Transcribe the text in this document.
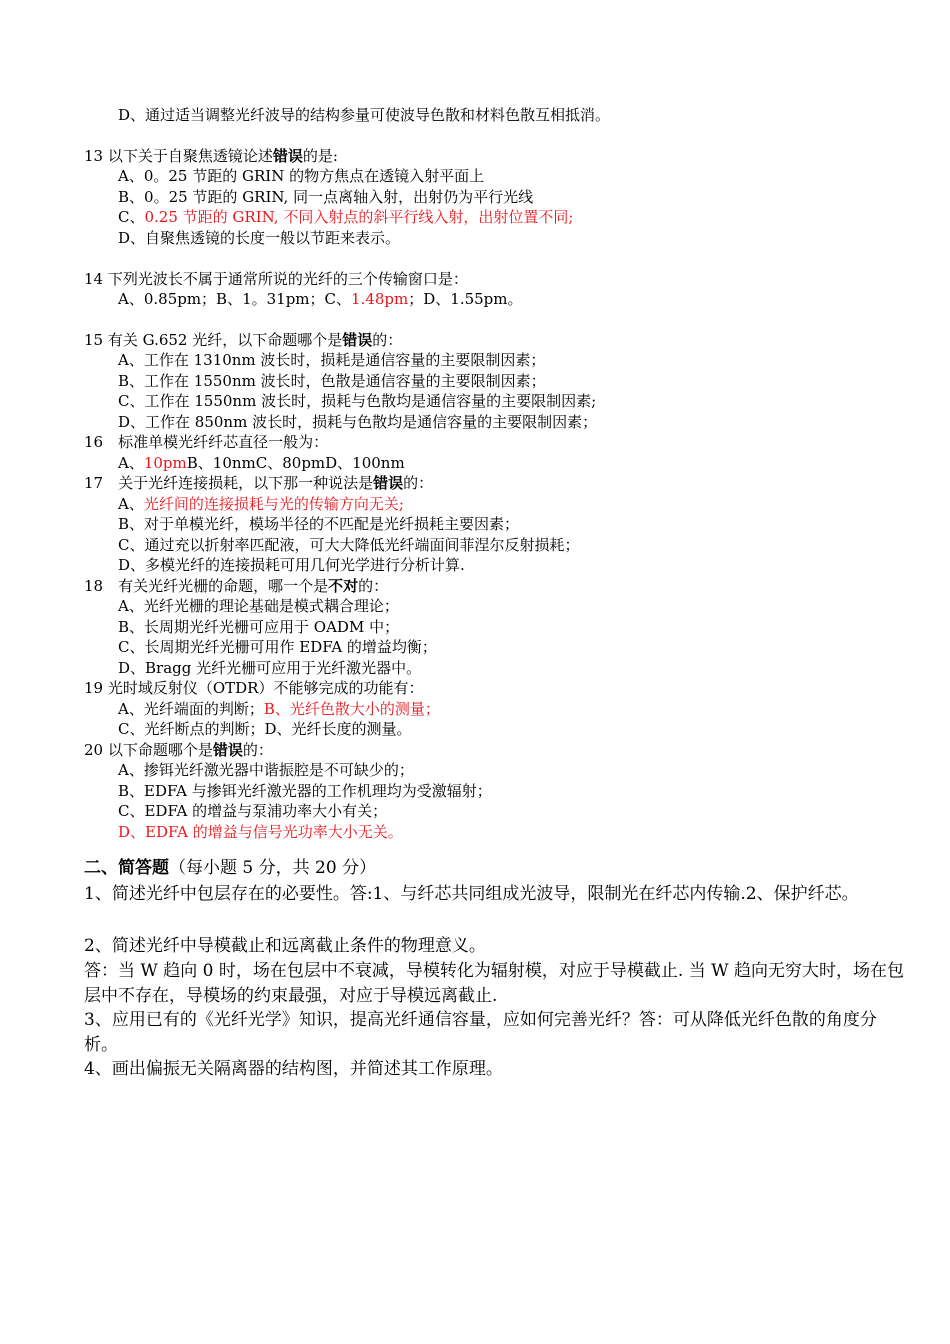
D、通过适当调整光纤波导的结构参量可使波导色散和材料色散互相抵消。
13 以下关于自聚焦透镜论述错误的是:
A、0。25 节距的 GRIN 的物方焦点在透镜入射平面上
B、0。25 节距的 GRIN, 同一点离轴入射，出射仍为平行光线
C、0.25 节距的 GRIN, 不同入射点的斜平行线入射，出射位置不同;
D、自聚焦透镜的长度一般以节距来表示。
14 下列光波长不属于通常所说的光纤的三个传输窗口是：
A、0.85pm；B、1。31pm；C、1.48pm；D、1.55pm。
15 有关 G.652 光纤，以下命题哪个是错误的：
A、工作在 1310nm 波长时，损耗是通信容量的主要限制因素；
B、工作在 1550nm 波长时，色散是通信容量的主要限制因素；
C、工作在 1550nm 波长时，损耗与色散均是通信容量的主要限制因素;
D、工作在 850nm 波长时，损耗与色散均是通信容量的主要限制因素；
16　标准单模光纤纤芯直径一般为：
A、10pmB、10nmC、80pmD、100nm
17　关于光纤连接损耗，以下那一种说法是错误的：
A、光纤间的连接损耗与光的传输方向无关;
B、对于单模光纤，模场半径的不匹配是光纤损耗主要因素；
C、通过充以折射率匹配液，可大大降低光纤端面间菲涅尔反射损耗；
D、多模光纤的连接损耗可用几何光学进行分析计算.
18　有关光纤光栅的命题，哪一个是不对的：
A、光纤光栅的理论基础是模式耦合理论；
B、长周期光纤光栅可应用于 OADM 中；
C、长周期光纤光栅可用作 EDFA 的增益均衡；
D、Bragg 光纤光栅可应用于光纤激光器中。
19 光时域反射仪（OTDR）不能够完成的功能有：
A、光纤端面的判断；B、光纤色散大小的测量；
C、光纤断点的判断；D、光纤长度的测量。
20 以下命题哪个是错误的：
A、掺铒光纤激光器中谐振腔是不可缺少的；
B、EDFA 与掺铒光纤激光器的工作机理均为受激辐射；
C、EDFA 的增益与泵浦功率大小有关；
D、EDFA 的增益与信号光功率大小无关。
二、简答题（每小题 5 分，共 20 分）
1、简述光纤中包层存在的必要性。答:1、与纤芯共同组成光波导，限制光在纤芯内传输.2、保护纤芯。
2、简述光纤中导模截止和远离截止条件的物理意义。
答：当 W 趋向 0 时，场在包层中不衰减，导模转化为辐射模，对应于导模截止. 当 W 趋向无穷大时，场在包层中不存在，导模场的约束最强，对应于导模远离截止.
3、应用已有的《光纤光学》知识，提高光纤通信容量，应如何完善光纤？答：可从降低光纤色散的角度分析。
4、画出偏振无关隔离器的结构图，并简述其工作原理。
